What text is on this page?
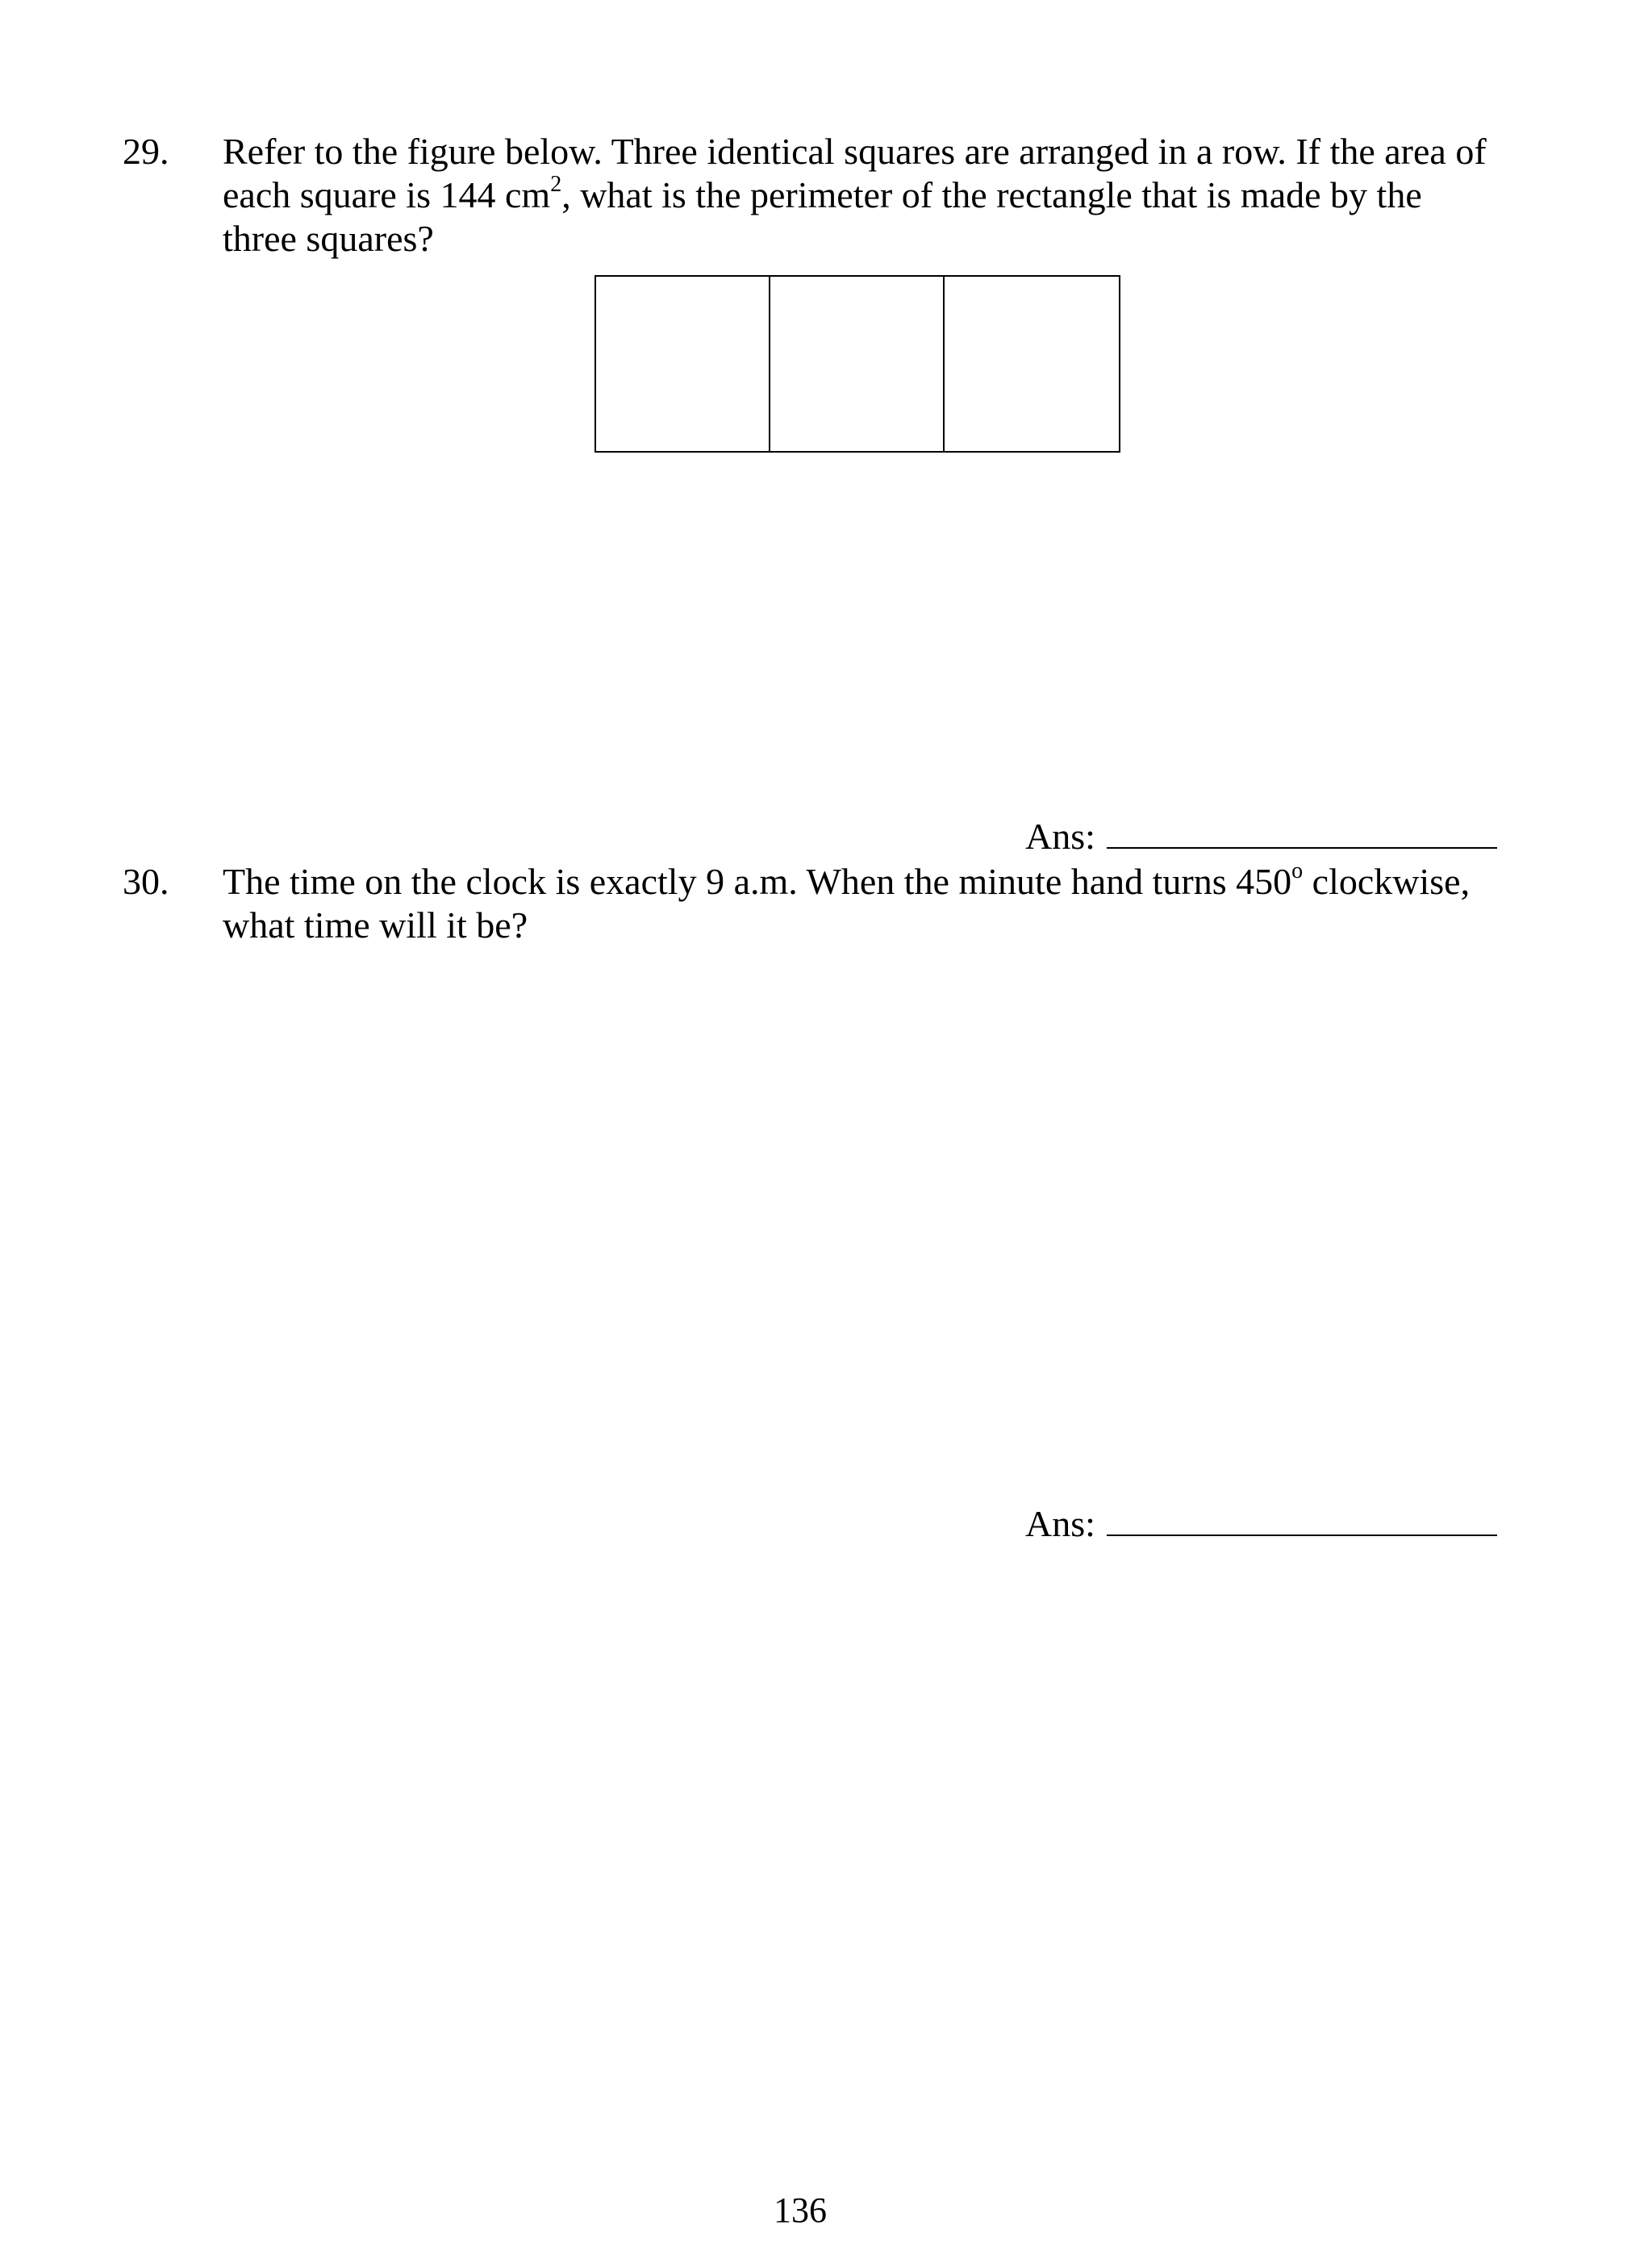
29. Refer to the figure below. Three identical squares are arranged in a row. If the area of
each square is 144 $cm^2$, what is the perimeter of the rectangle that is made by the
three squares?
Ans:
30. The time on the clock is exactly 9 a.m. When the minute hand turns 450$^o$ clockwise,
what time will it be?
Ans:
136
